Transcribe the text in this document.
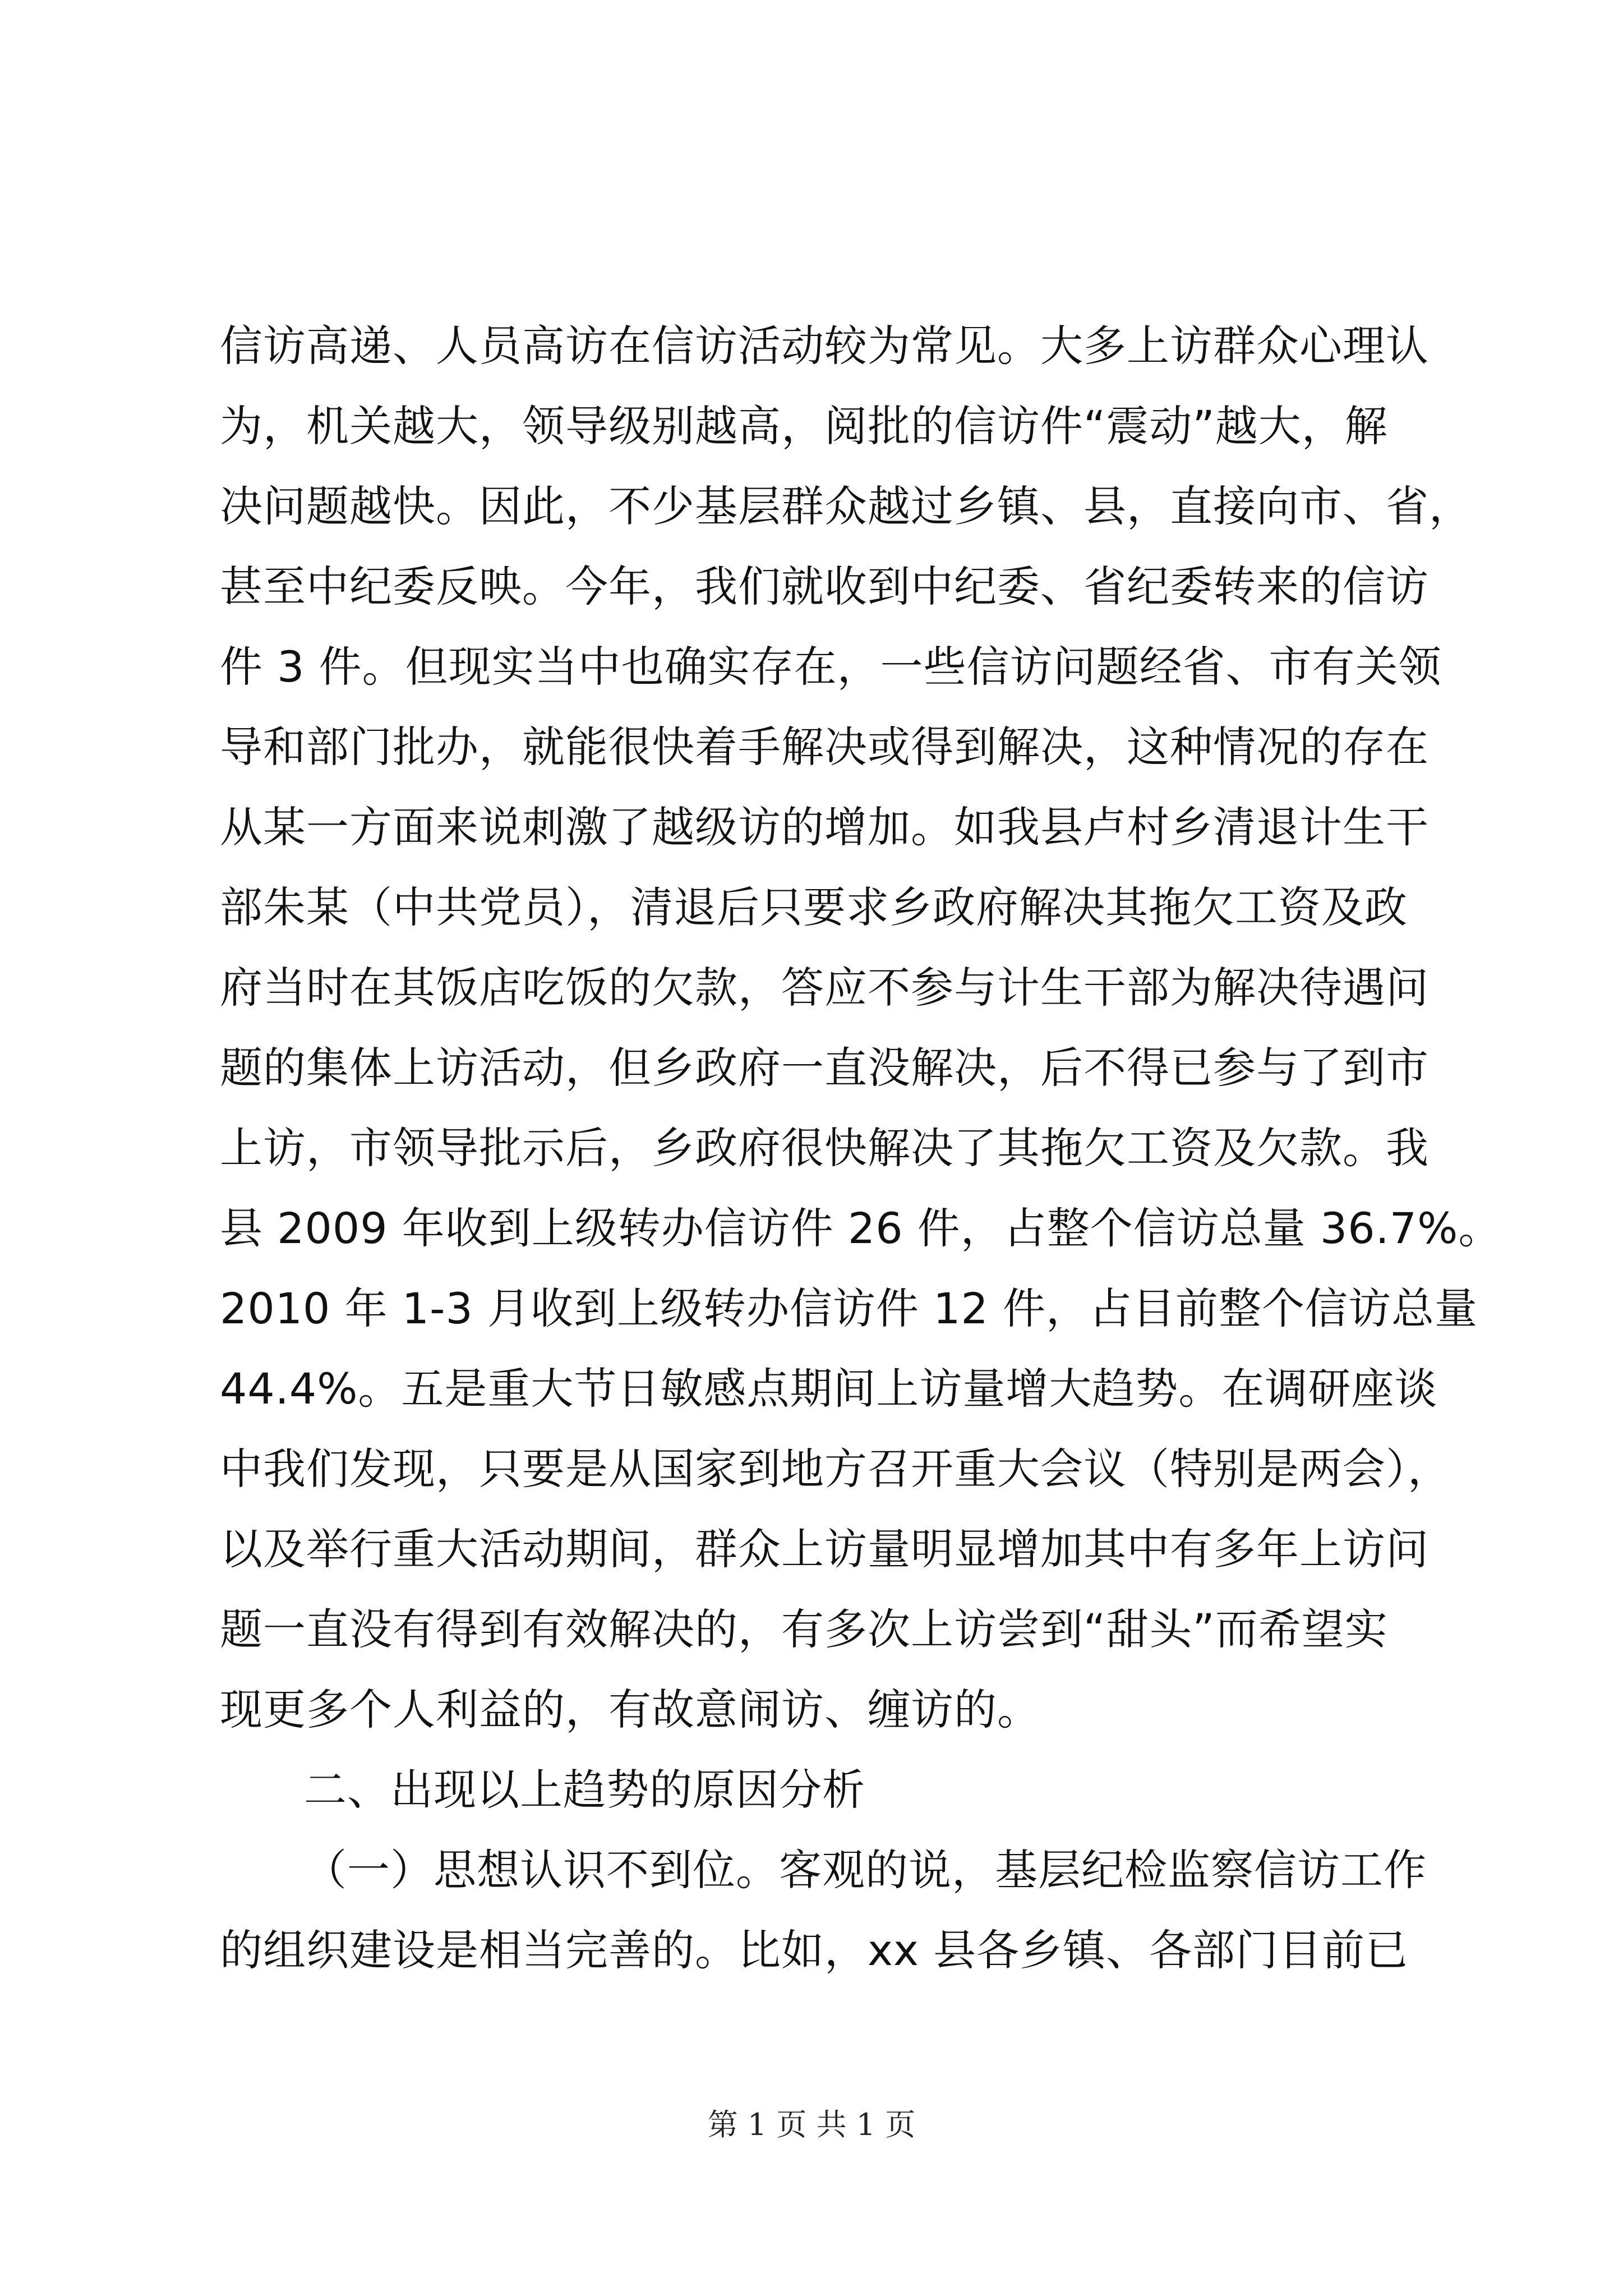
信访高递、人员高访在信访活动较为常见。大多上访群众心理认
为，机关越大，领导级别越高，阅批的信访件“震动”越大，解
决问题越快。因此，不少基层群众越过乡镇、县，直接向市、省，
甚至中纪委反映。今年，我们就收到中纪委、省纪委转来的信访
件 3 件。但现实当中也确实存在，一些信访问题经省、市有关领
导和部门批办，就能很快着手解决或得到解决，这种情况的存在
从某一方面来说刺激了越级访的增加。如我县卢村乡清退计生干
部朱某（中共党员），清退后只要求乡政府解决其拖欠工资及政
府当时在其饭店吃饭的欠款，答应不参与计生干部为解决待遇问
题的集体上访活动，但乡政府一直没解决，后不得已参与了到市
上访，市领导批示后，乡政府很快解决了其拖欠工资及欠款。我
县 2009 年收到上级转办信访件 26 件，占整个信访总量 36.7%。
2010 年 1-3 月收到上级转办信访件 12 件，占目前整个信访总量
44.4%。五是重大节日敏感点期间上访量增大趋势。在调研座谈
中我们发现，只要是从国家到地方召开重大会议（特别是两会），
以及举行重大活动期间，群众上访量明显增加其中有多年上访问
题一直没有得到有效解决的，有多次上访尝到“甜头”而希望实
现更多个人利益的，有故意闹访、缠访的。
二、出现以上趋势的原因分析
（一）思想认识不到位。客观的说，基层纪检监察信访工作
的组织建设是相当完善的。比如，xx 县各乡镇、各部门目前已
第 1 页 共 1 页
